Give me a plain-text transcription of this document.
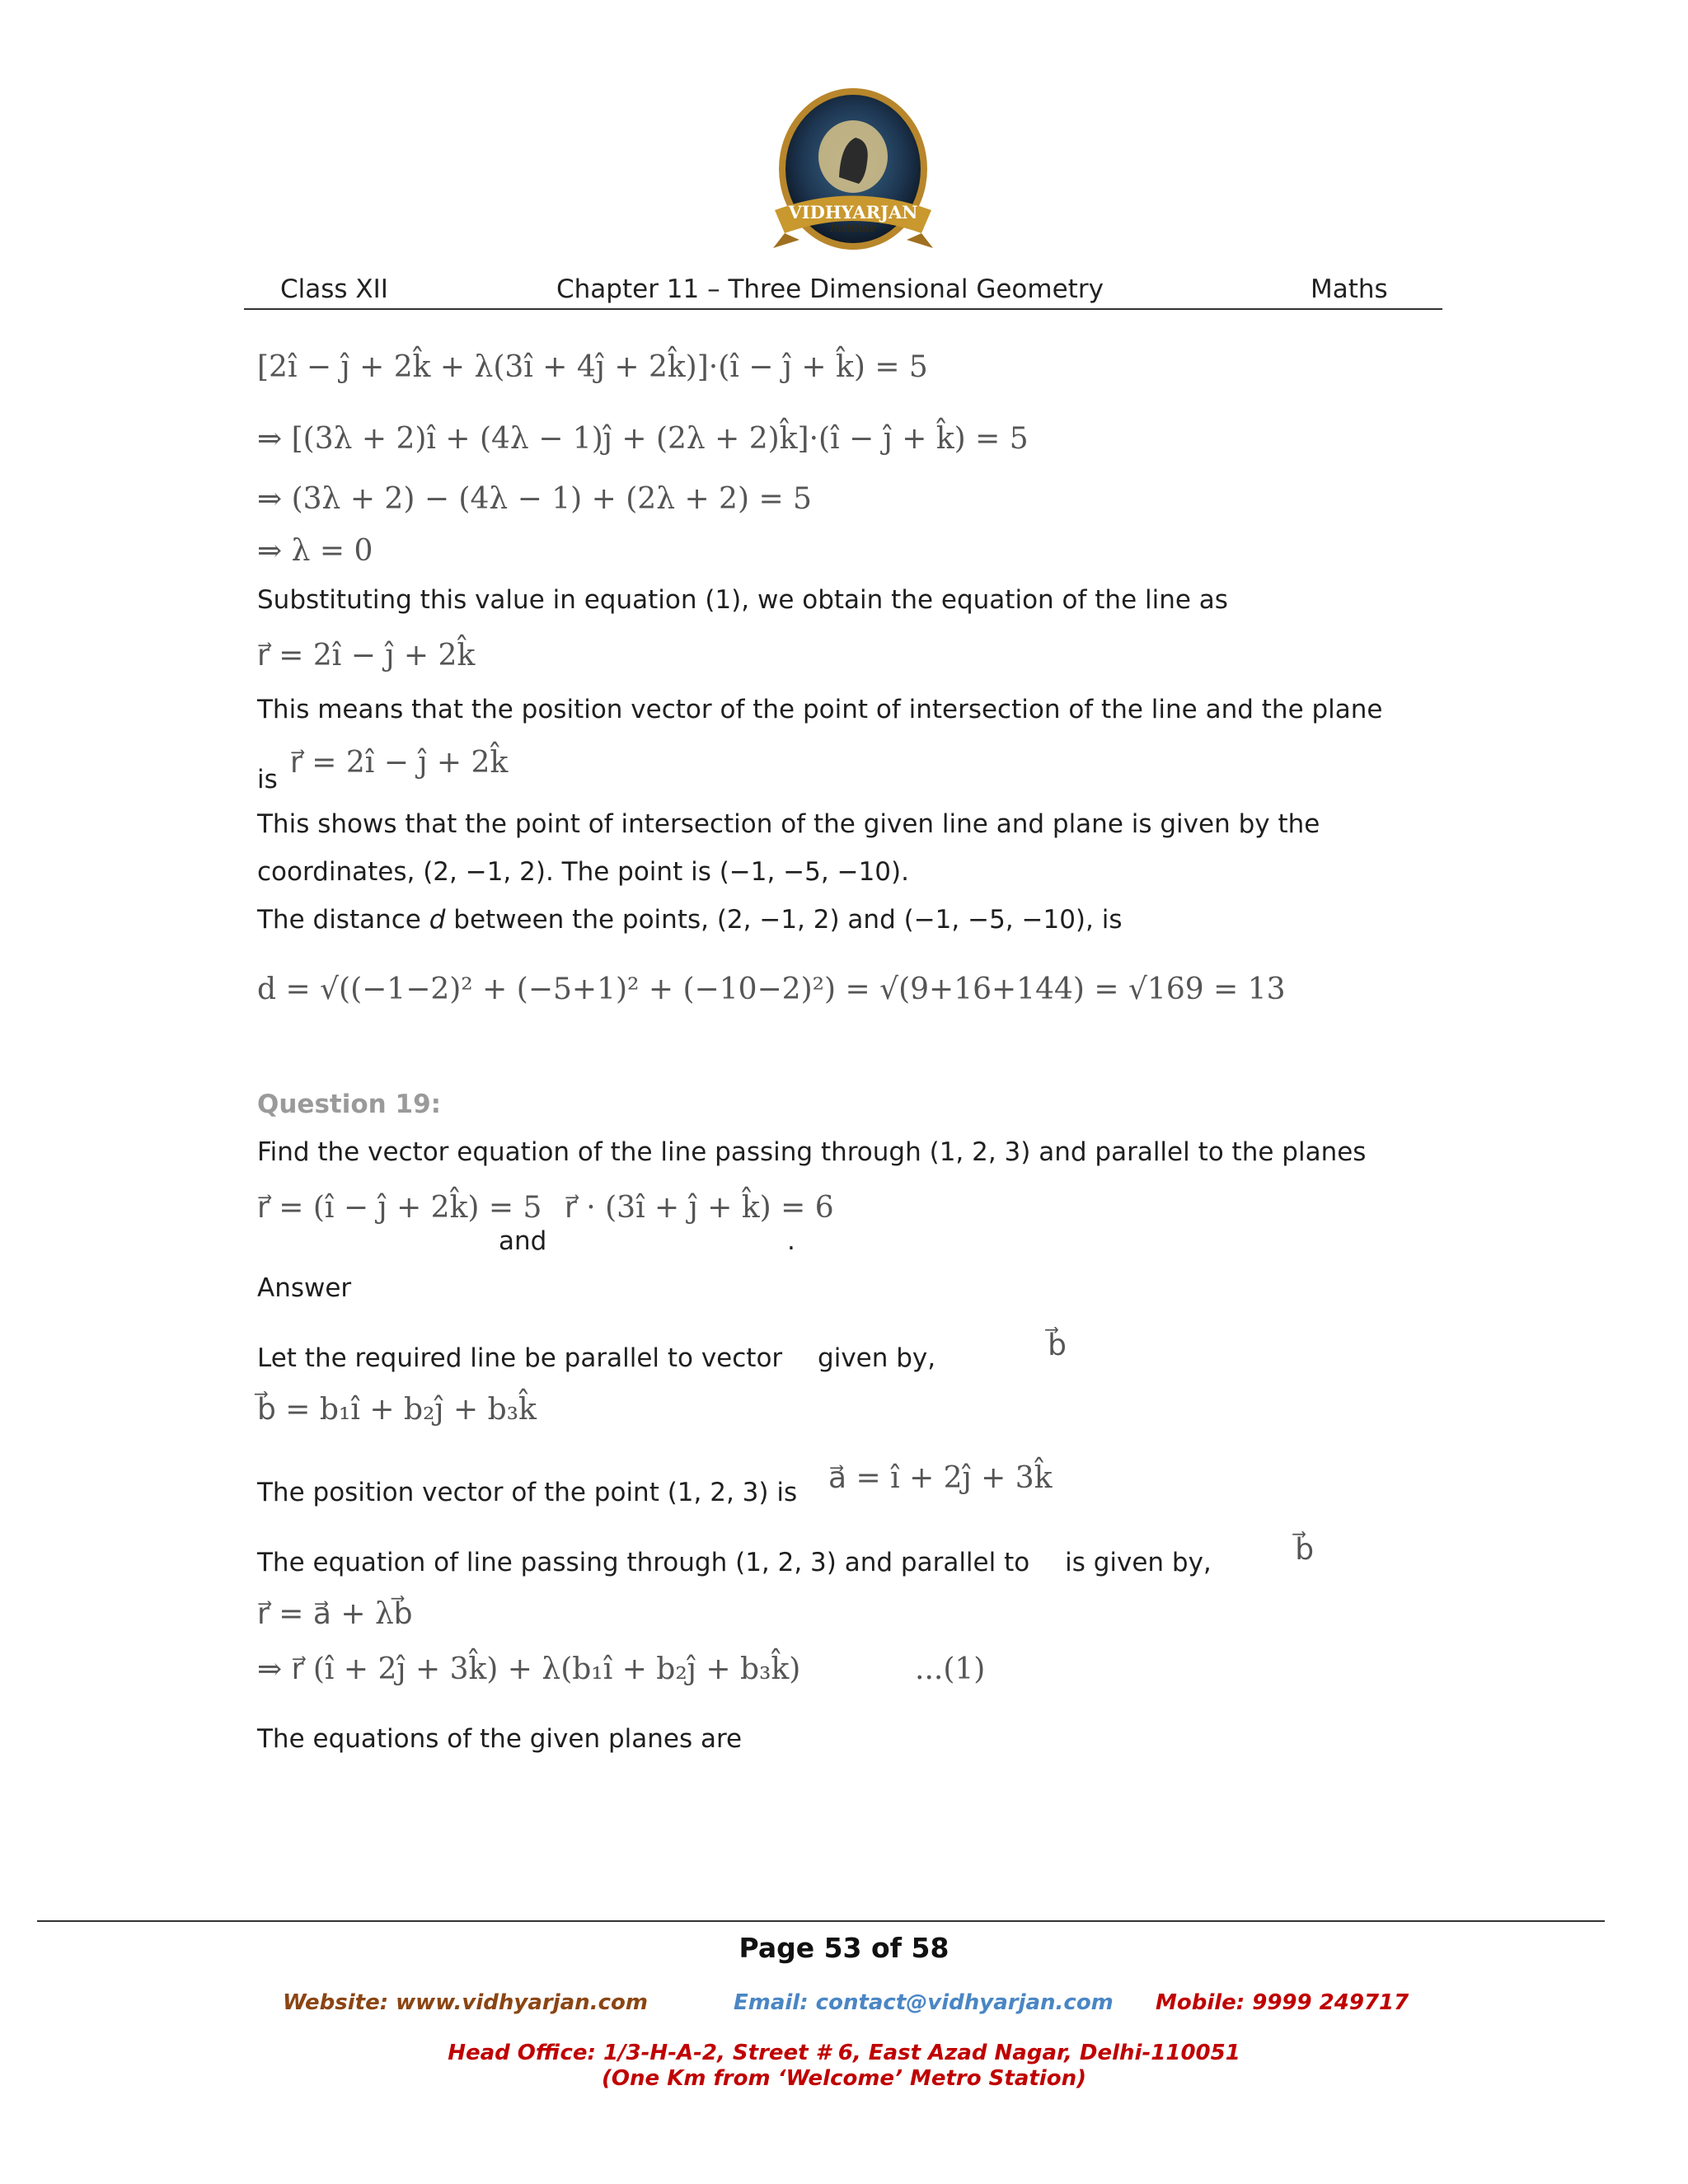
VIDHYARJAN
Institute
Class XII	Chapter 11 – Three Dimensional Geometry	Maths
[2î − ĵ + 2k̂ + λ(3î + 4ĵ + 2k̂)]·(î − ĵ + k̂) = 5
⇒ [(3λ + 2)î + (4λ − 1)ĵ + (2λ + 2)k̂]·(î − ĵ + k̂) = 5
⇒ (3λ + 2) − (4λ − 1) + (2λ + 2) = 5
⇒ λ = 0
Substituting this value in equation (1), we obtain the equation of the line as
r⃗ = 2î − ĵ + 2k̂
This means that the position vector of the point of intersection of the line and the plane
is r⃗ = 2î − ĵ + 2k̂
This shows that the point of intersection of the given line and plane is given by the
coordinates, (2, −1, 2). The point is (−1, −5, −10).
The distance d between the points, (2, −1, 2) and (−1, −5, −10), is
d = √((−1−2)² + (−5+1)² + (−10−2)²) = √(9+16+144) = √169 = 13
Question 19:
Find the vector equation of the line passing through (1, 2, 3) and parallel to the planes
r⃗ = (î − ĵ + 2k̂) = 5
and
r⃗ · (3î + ĵ + k̂) = 6
.
Answer
Let the required line be parallel to vector	b⃗given by,
b⃗ = b₁î + b₂ĵ + b₃k̂
The position vector of the point (1, 2, 3) is a⃗ = î + 2ĵ + 3k̂
The equation of line passing through (1, 2, 3) and parallel to	b⃗is given by,
r⃗ = a⃗ + λb⃗
⇒ r⃗ (î + 2ĵ + 3k̂) + λ(b₁î + b₂ĵ + b₃k̂)	...(1)
The equations of the given planes are
Page 53 of 58
Website: www.vidhyarjan.com	Email: contact@vidhyarjan.com Mobile: 9999 249717
Head Office: 1/3-H-A-2, Street # 6, East Azad Nagar, Delhi-110051
(One Km from ‘Welcome’ Metro Station)
